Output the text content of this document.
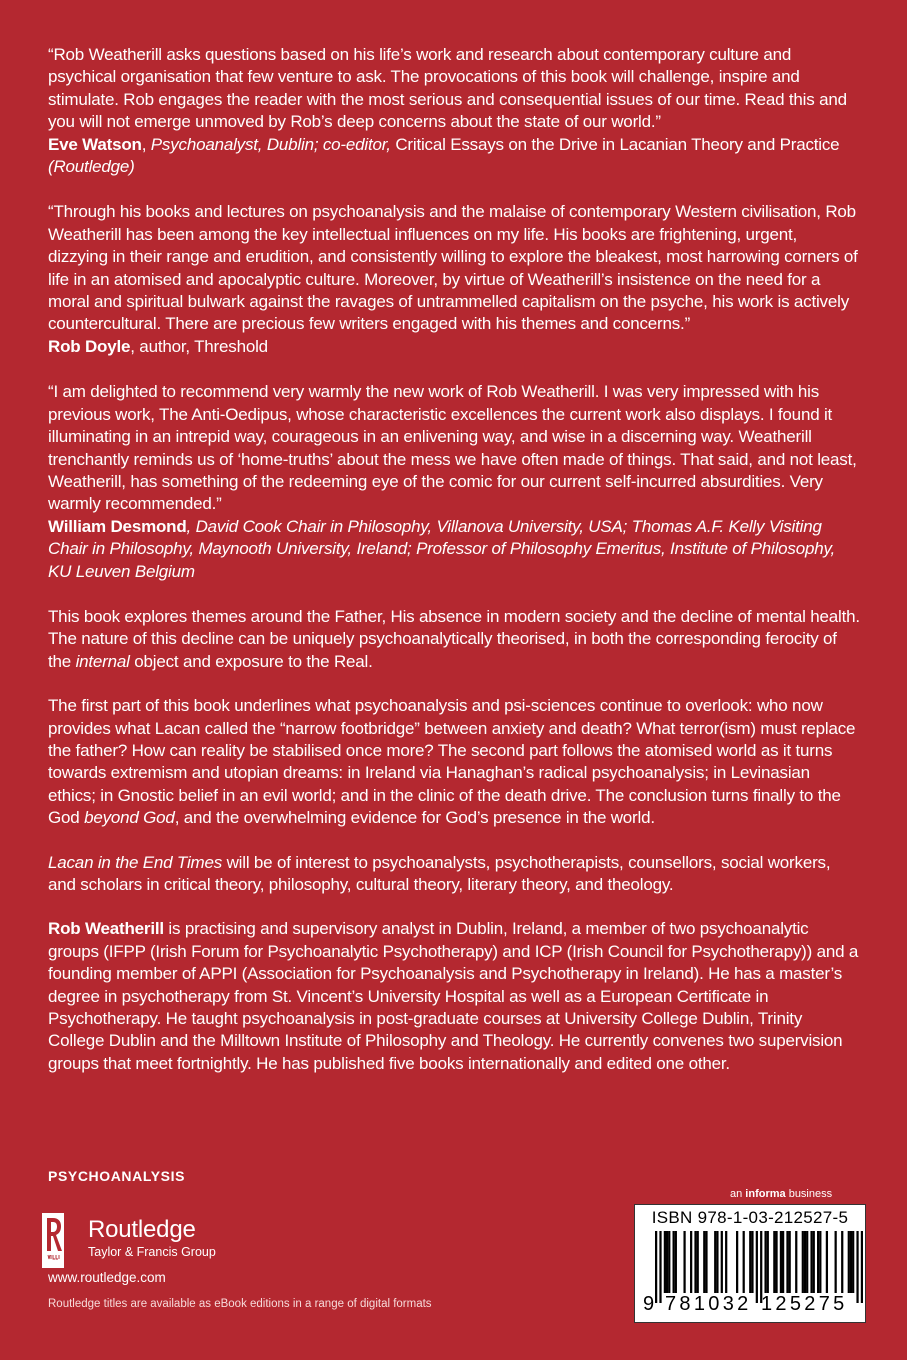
“Rob Weatherill asks questions based on his life’s work and research about contemporary culture and psychical organisation that few venture to ask. The provocations of this book will challenge, inspire and stimulate. Rob engages the reader with the most serious and consequential issues of our time. Read this and you will not emerge unmoved by Rob’s deep concerns about the state of our world.”
Eve Watson, Psychoanalyst, Dublin; co-editor, Critical Essays on the Drive in Lacanian Theory and Practice (Routledge)

“Through his books and lectures on psychoanalysis and the malaise of contemporary Western civilisation, Rob Weatherill has been among the key intellectual influences on my life. His books are frightening, urgent, dizzying in their range and erudition, and consistently willing to explore the bleakest, most harrowing corners of life in an atomised and apocalyptic culture. Moreover, by virtue of Weatherill’s insistence on the need for a moral and spiritual bulwark against the ravages of untrammelled capitalism on the psyche, his work is actively countercultural. There are precious few writers engaged with his themes and concerns.”
Rob Doyle, author, Threshold

“I am delighted to recommend very warmly the new work of Rob Weatherill. I was very impressed with his previous work, The Anti-Oedipus, whose characteristic excellences the current work also displays. I found it illuminating in an intrepid way, courageous in an enlivening way, and wise in a discerning way. Weatherill trenchantly reminds us of ‘home-truths’ about the mess we have often made of things. That said, and not least, Weatherill, has something of the redeeming eye of the comic for our current self-incurred absurdities. Very warmly recommended.”
William Desmond, David Cook Chair in Philosophy, Villanova University, USA; Thomas A.F. Kelly Visiting Chair in Philosophy, Maynooth University, Ireland; Professor of Philosophy Emeritus, Institute of Philosophy, KU Leuven Belgium

This book explores themes around the Father, His absence in modern society and the decline of mental health. The nature of this decline can be uniquely psychoanalytically theorised, in both the corresponding ferocity of the internal object and exposure to the Real.

The first part of this book underlines what psychoanalysis and psi-sciences continue to overlook: who now provides what Lacan called the “narrow footbridge” between anxiety and death? What terror(ism) must replace the father? How can reality be stabilised once more? The second part follows the atomised world as it turns towards extremism and utopian dreams: in Ireland via Hanaghan’s radical psychoanalysis; in Levinasian ethics; in Gnostic belief in an evil world; and in the clinic of the death drive. The conclusion turns finally to the God beyond God, and the overwhelming evidence for God’s presence in the world.

Lacan in the End Times will be of interest to psychoanalysts, psychotherapists, counsellors, social workers, and scholars in critical theory, philosophy, cultural theory, literary theory, and theology.

Rob Weatherill is practising and supervisory analyst in Dublin, Ireland, a member of two psychoanalytic groups (IFPP (Irish Forum for Psychoanalytic Psychotherapy) and ICP (Irish Council for Psychotherapy)) and a founding member of APPI (Association for Psychoanalysis and Psychotherapy in Ireland). He has a master’s degree in psychotherapy from St. Vincent’s University Hospital as well as a European Certificate in Psychotherapy. He taught psychoanalysis in post-graduate courses at University College Dublin, Trinity College Dublin and the Milltown Institute of Philosophy and Theology. He currently convenes two supervision groups that meet fortnightly. He has published five books internationally and edited one other.

PSYCHOANALYSIS
Routledge
Taylor & Francis Group
www.routledge.com
Routledge titles are available as eBook editions in a range of digital formats
an informa business
ISBN 978-1-03-212527-5
9 781032 125275
